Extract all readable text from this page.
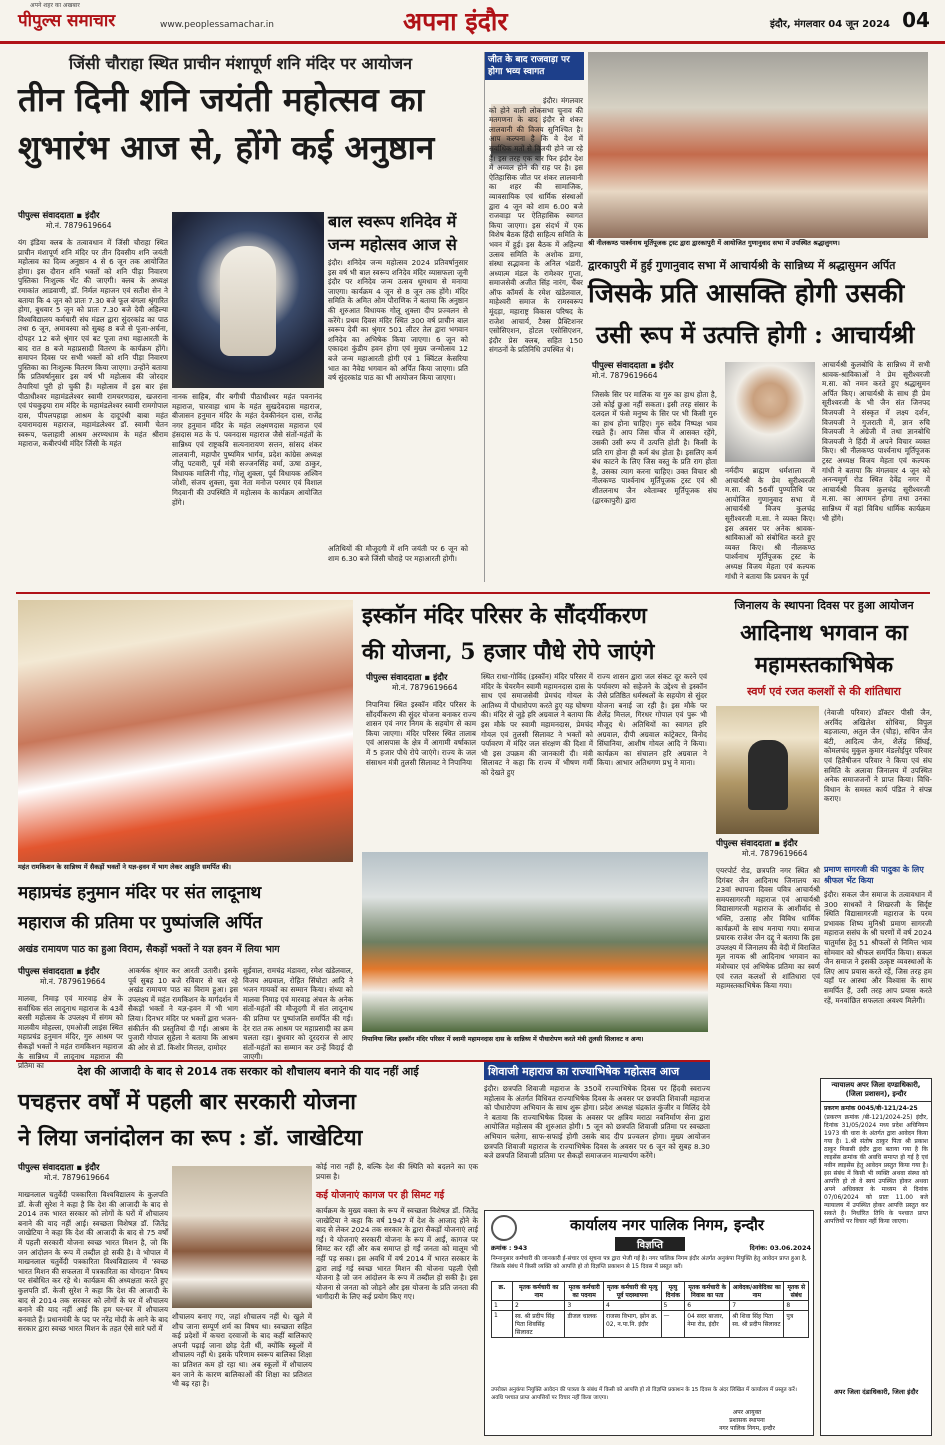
पीपुल्स समाचार
अपने शहर का अखबार
www.peoplessamachar.in	अपना इंदौर	इंदौर, मंगलवार 04 जून 2024 04
जिंसी चौराहा स्थित प्राचीन मंशापूर्ण शनि मंदिर पर आयोजन
तीन दिनी शनि जयंती महोत्सव का
शुभारंभ आज से, होंगे कई अनुष्ठान
पीपुल्स संवाददाता ▪ इंदौर
मो.नं. 7879619664
यंग इंडिया क्लब के तत्वावधान में जिंसी चौराहा स्थित प्राचीन मंशापूर्ण शनि मंदिर पर तीन दिवसीय शनि जयंती महोत्सव का दिव्य अनुष्ठान 4 से 6 जून तक आयोजित होगा। इस दौरान शनि भक्तों को शनि पीड़ा निवारण पुस्तिका निःशुल्क भेंट की जाएगी। क्लब के अध्यक्ष रमाकांत आडवाणी, डॉ. निर्मल महाजन एवं सतीश सेन ने बताया कि 4 जून को प्रातः 7.30 बजे फूल बंगला श्रृंगारित होगा, बुधवार 5 जून को प्रातः 7.30 बजे देवी अहिल्या विश्वविद्यालय कर्मचारी संघ मंडल द्वारा सुंदरकांड का पाठ तथा 6 जून, अमावस्या को सुबह 8 बजे से पूजा-अर्चना, दोपहर 12 बजे श्रृंगार एवं बट पूजा तथा महाआरती के बाद रात 8 बजे महाप्रसादी वितरण के कार्यक्रम होंगे। समापन दिवस पर सभी भक्तों को शनि पीड़ा निवारण पुस्तिका का निःशुल्क वितरण किया जाएगा। उन्होंने बताया कि प्रतिवर्षानुसार इस वर्ष भी महोत्सव की जोरदार तैयारियां पूरी हो चुकी हैं। महोत्सव में इस बार हंस पीठाधीश्वर महामंडलेश्वर स्वामी रामचरणदास, खजराना एवं पंचकुइया राम मंदिर के महामंडलेश्वर स्वामी रामगोपाल दास, पीपलपहाड़ा आश्रम के दादूपंथी बाबा महंत दयारामदास महाराज, महामंडलेश्वर डॉ. स्वामी चेतन स्वरूप, फलाहारी आश्रम अरण्यधाम के महंत श्रीराम महाराज, कबीरपंथी मंदिर जिंसी के महंत
बाल स्वरूप शनिदेव में
जन्म महोत्सव आज से
नानक साहिब, वीर बगीची पीठाधीश्वर महंत पवनानंद महाराज, चारवाहा धाम के महंत सुखदेवदास महाराज, बीजासन हनुमान मंदिर के महंत देवकीनंदन दास, राजेंद्र नगर हनुमान मंदिर के महंत लक्ष्मणदास महाराज एवं हंसदास मठ के पं. पवनदास महाराज जैसे संतों-महंतों के सान्निध्य एवं राष्ट्रकवि सत्यनारायण सत्तन, सांसद शंकर लालवानी, महापौर पुष्यमित्र भार्गव, प्रदेश कांग्रेस अध्यक्ष जीतू पटवारी, पूर्व मंत्री सज्जनसिंह वर्मा, ऊषा ठाकुर, विधायक मालिनी गौड़, गोलू शुक्ला, पूर्व विधायक अश्विन जोशी, संजय शुक्ला, युवा नेता मनोज परमार एवं विशाल गिदवानी की उपस्थिति में महोत्सव के कार्यक्रम आयोजित होंगे।
इंदौर। शनिदेव जन्म महोत्सव 2024 प्रतिवर्षानुसार इस वर्ष भी बाल स्वरूप शनिदेव मंदिर व्यासफला जूनी इंदौर पर शनिदेव जन्म उत्सव धूमधाम से मनाया जाएगा। कार्यक्रम 4 जून से 8 जून तक होंगे। मंदिर समिति के अमित ओम पौराणिक ने बताया कि अनुष्ठान की शुरुआत विधायक गोलू शुक्ला दीप प्रज्वलन से करेंगे। प्रथम दिवस मंदिर स्थित 300 वर्ष प्राचीन बाल स्वरूप देवी का श्रृंगार 501 लीटर तेल द्वारा भगवान शनिदेव का अभिषेक किया जाएगा। 6 जून को एकादश कुंडीय हवन होगा एवं मुख्य जन्मोत्सव 12 बजे जन्म महाआरती होगी एवं 1 क्विंटल केसरिया भात का नैवेद्य भगवान को अर्पित किया जाएगा। प्रति वर्ष सुंदरकांड पाठ का भी आयोजन किया जाएगा।
अतिथियों की मौजूदगी में शनि जयंती पर 6 जून को शाम 6.30 बजे जिंसी चौराहे पर महाआरती होगी।
जीत के बाद राजवाड़ा पर होगा भव्य स्वागत
इंदौर। मंगलवार को होने वाली लोकसभा चुनाव की मतगणना के बाद इंदौर से शंकर लालवानी की विजय सुनिश्चित है। आप कल्पना है कि वे देश में सर्वाधिक मतों से विजयी होने जा रहे हैं। इस तरह एक बार फिर इंदौर देश में अव्वल होने की राह पर है। इस ऐतिहासिक जीत पर शंकर लालवानी का शहर की सामाजिक, व्यावसायिक एवं धार्मिक संस्थाओं द्वारा 4 जून को शाम 6.00 बजे राजवाड़ा पर ऐतिहासिक स्वागत किया जाएगा। इस संदर्भ में एक विशेष बैठक हिंदी साहित्य समिति के भवन में हुई। इस बैठक में अहिल्या उत्सव समिति के अशोक डागा, संस्था सद्भावना के अनिल भंडारी, अध्यात्म मंडल के रामेश्वर गुप्ता, समाजसेवी अजीत सिंह नारंग, चैंबर ऑफ कॉमर्स के रमेश खंडेलवाल, माहेश्वरी समाज के रामस्वरूप मूंदड़ा, महाराष्ट्र विकास परिषद के राजेश आचार्य, टैक्स प्रैक्टिशनर एसोसिएशन, होटल एसोसिएशन, इंदौर प्रेस क्लब, सहित 150 संगठनों के प्रतिनिधि उपस्थित थे।
श्री नीलकण्ठ पार्श्वनाथ मूर्तिपूजक ट्रस्ट द्वारा द्वारकापुरी में आयोजित गुणानुवाद सभा में उपस्थित श्रद्धालुगण।
द्वारकापुरी में हुई गुणानुवाद सभा में आचार्यश्री के सान्निध्य में श्रद्धासुमन अर्पित
जिसके प्रति आसक्ति होगी उसकी
उसी रूप में उत्पत्ति होगी : आचार्यश्री
पीपुल्स संवाददाता ▪ इंदौर
मो.नं. 7879619664
जिसके सिर पर मालिक या गुरु का हाथ होता है, उसे कोई छुआ नहीं सकता। इसी तरह संसार के दलदल में फंसे मनुष्य के सिर पर भी किसी गुरु का हाथ होना चाहिए। गुरु सदैव निष्पक्ष भाव रखते हैं। आप जिस चीज में आसक्त रहेंगे, उसकी उसी रूप में उत्पत्ति होती है। किसी के प्रति राग होना ही कर्म बंध होता है। इसलिए कर्म बंध काटने के लिए जिस वस्तु के प्रति राग होता है, उसका त्याग करना चाहिए। उक्त विचार श्री नीलकण्ठ पार्श्वनाथ मूर्तिपूजक ट्रस्ट एवं श्री शीतलनाथ जैन श्वेताम्बर मूर्तिपूजक संघ (द्वारकापुरी) द्वारा
नर्मदीय ब्राह्मण धर्मशाला में आचार्यश्री के प्रेम सूरीश्वरजी म.सा. की 56वीं पुण्यतिथि पर आयोजित गुणानुवाद सभा में आचार्यश्री विजय कुलचंद्र सूरीश्वरजी म.सा. ने व्यक्त किए। इस अवसर पर अनेक श्रावक-श्राविकाओं को संबोधित करते हुए व्यक्त किए। श्री नीलकण्ठ पार्श्वनाथ मूर्तिपूजक ट्रस्ट के अध्यक्ष विजय मेहता एवं कल्पक गांधी ने बताया कि प्रवचन के पूर्व
आचार्यश्री कुलबोधि के सान्निध्य में सभी श्रावक-श्राविकाओं ने प्रेम सूरीश्वरजी म.सा. को नमन करते हुए श्रद्धासुमन अर्पित किए। आचार्यश्री के साथ ही प्रेम सूरीश्वरजी के भी जैन संत जिनपद विजयजी ने संस्कृत में लक्ष्य दर्शन, विजयजी ने गुजराती में, ज्ञान रुचि विजयजी ने अंग्रेजी में तथा ज्ञानबोधि विजयजी ने हिंदी में अपने विचार व्यक्त किए। श्री नीलकण्ठ पार्श्वनाथ मूर्तिपूजक ट्रस्ट अध्यक्ष विजय मेहता एवं कल्पक गांधी ने बताया कि मंगलवार 4 जून को अनन्यमूर्ण रोड स्थित देवेंद्र नगर में आचार्यश्री विजय कुलचंद्र सूरीश्वरजी म.सा. का आगमन होगा तथा उनका सान्निध्य में वहां विविध धार्मिक कार्यक्रम भी होंगे।
महंत रामकिशन के सान्निध्य में सैकड़ों भक्तों ने यज्ञ-हवन में भाग लेकर आहुति समर्पित की।
इस्कॉन मंदिर परिसर के सौंदर्यीकरण
की योजना, 5 हजार पौधे रोपे जाएंगे
पीपुल्स संवाददाता ▪ इंदौर
मो.नं. 7879619664
निपानिया स्थित इस्कॉन मंदिर परिसर के सौंदर्यीकरण की सुंदर योजना बनाकर राज्य शासन एवं नगर निगम के सहयोग से काम किया जाएगा। मंदिर परिसर स्थित तालाब एवं आसपास के क्षेत्र में आगामी वर्षाकाल में 5 हजार पौधे रोपे जाएंगे। राज्य के जल संसाधन मंत्री तुलसी सिलावट ने निपानिया
स्थित राधा-गोविंद (इस्कॉन) मंदिर परिसर में मंदिर के चेयरमैन स्वामी महामनदास दास के साथ एवं समाजसेवी प्रेमचंद गोयल के आतिथ्य में पौधारोपण करते हुए यह घोषणा की। मंदिर से जुड़े हरि अग्रवाल ने बताया कि इस मौके पर स्वामी महामनदास, प्रेमचंद गोयल एवं तुलसी सिलावट ने भक्तों को पर्यावरण में मंदिर जल संरक्षण की दिशा में भी इस उपक्रम की जानकारी दी। मंत्री सिलावट ने कहा कि राज्य में भीषण गर्मी को देखते हुए
राज्य शासन द्वारा जल संकट दूर करने एवं पर्यावरण को सहेजने के उद्देश्य से इस्कॉन जैसे प्रतिष्ठित धर्मस्थलों के सहयोग से सुंदर योजना बनाई जा रही है। इस मौके पर शैलेंद्र मित्तल, गिरधर गोपाल एवं पुरू भी मौजूद थे। अतिथियों का स्वागत हरि अग्रवाल, दीपी अग्रवाल कांट्रेक्टर, विनोद सिंघानिया, आशीष गोयल आदि ने किया। कार्यक्रम का संचालन हरि अग्रवाल ने किया। आभार अतिथगण प्रभु ने माना।
जिनालय के स्थापना दिवस पर हुआ आयोजन
आदिनाथ भगवान का
महामस्तकाभिषेक
स्वर्ण एवं रजत कलशों से की शांतिधारा
पीपुल्स संवाददाता ▪ इंदौर
मो.नं. 7879619664
(नेवाजी परिवार) डॉक्टर पीसी जैन, अरविंद अखिलेश सोधिया, विपुल बड़जात्या, अतुल जैन (चौड़), सचिन जैन बंटी, आदित्य जैन, शैलेंद्र सिंघई, कोमलचंद मुकुल कुमार मंडलोईपुर परिवार एवं हितैषीजन परिवार ने किया एवं संघ समिति के अलावा जिनालय में उपस्थित अनेक समाजजनों ने प्राप्त किया। विधि-विधान के समस्त कार्य पंडित ने संपन्न कराए।
प्रमाण सागरजी की पादुका के लिए श्रीफल भेंट किया
एयरपोर्ट रोड, छत्रपति नगर स्थित श्री दिगंबर जैन आदिनाथ जिनालय का 23वां स्थापना दिवस पवित्र आचार्यश्री समयसागरजी महाराज एवं आचार्यश्री विद्यासागरजी महाराज के आशीर्वाद से भक्ति, उत्साह और विविध धार्मिक कार्यक्रमों के साथ मनाया गया। समाज प्रचारक राजेश जैन दद्दू ने बताया कि इस उपलक्ष्य में जिनालय की वेदी में विराजित मूल नायक श्री आदिनाथ भगवान का मंत्रोच्चार एवं अभिषेक प्रतिमा का स्वर्ण एवं रजत कलशों से शांतिधारा एवं महामस्तकाभिषेक किया गया।
इंदौर। सकल जैन समाज के तत्वावधान में 300 साधकों ने शिखरजी के सिर्दृष्ट स्थिति विद्यासागरजी महाराज के परम प्रभावक शिष्य मुनिश्री प्रमाण सागरजी महाराज ससंघ के श्री चरणों में वर्ष 2024 चातुर्मास हेतु 51 श्रीफलों से निमित्त भाव सोमवार को श्रीफल समर्पित किया। सकल जैन समाज ने इसकी उत्कृष्ट व्यवस्थाओं के लिए आप प्रयास करते रहें, जिस तरह हम यहाँ पर आस्था और विश्वास के साथ समर्पित हैं, उसी तरह आप प्रयास करते रहें, मनवांछित सफलता अवश्य मिलेगी।
महाप्रचंड हनुमान मंदिर पर संत लादूनाथ
महाराज की प्रतिमा पर पुष्पांजलि अर्पित
अखंड रामायण पाठ का हुआ विराम, सैकड़ों भक्तों ने यज्ञ हवन में लिया भाग
पीपुल्स संवाददाता ▪ इंदौर
मो.नं. 7879619664
मालवा, निमाड़ एवं मारवाड़ क्षेत्र के सर्वाधिक संत लादूनाथ महाराज के 43वें बरसी महोत्सव के उपलक्ष्य में संगम को मालवीय मोहल्ला, एमओजी लाइंस स्थित महाप्रचंड हनुमान मंदिर, गुरु आश्रम पर सैकड़ों भक्तों ने महंत रामकिशन महाराज के सान्निध्य में लादूनाथ महाराज की प्रतिमा का
आकर्षक श्रृंगार कर आरती उतारी। इसके पूर्व सुबह 10 बजे रविवार से चल रहे अखंड रामायण पाठ का विराम हुआ। इस उपलक्ष्य में महंत रामकिशन के मार्गदर्शन में सैकड़ों भक्तों ने यज्ञ-हवन में भी भाग लिया। दिनभर मंदिर पर भक्तों द्वारा भजन-संकीर्तन की प्रस्तुतियां दी गईं। आश्रम के पुजारी गोपाल सुहेला ने बताया कि आश्रम की ओर से डॉ. किशोर मित्तल, दामोदर
सुईवाल, रामचंद्र मंडावरा, रमेश खंडेलवाल, विजय अग्रवाल, रोहित सिंघोटा आदि ने भजन गायकों का सम्मान किया। संध्या को मालवा निमाड़ एवं मारवाड़ अंचल के अनेक संतों-महंतों की मौजूदगी में संत लादूनाथ की प्रतिमा पर पुष्पांजलि समर्पित की गई। देर रात तक आश्रम पर महाप्रसादी का क्रम चलता रहा। बुधवार को दूरदराज से आए संतों-महंतों का सम्मान कर उन्हें विदाई दी जाएगी।
निपानिया स्थित इस्कॉन मंदिर परिसर में स्वामी महामनदास दास के सान्निध्य में पौधारोपण करते मंत्री तुलसी सिलावट व अन्य।
देश की आजादी के बाद से 2014 तक सरकार को शौचालय बनाने की याद नहीं आई
पचहत्तर वर्षों में पहली बार सरकारी योजना
ने लिया जनांदोलन का रूप : डॉ. जाखेटिया
पीपुल्स संवाददाता ▪ इंदौर
मो.नं. 7879619664
माखनलाल चतुर्वेदी पत्रकारिता विश्वविद्यालय के कुलपति डॉ. केजी सुरेश ने कहा है कि देश की आजादी के बाद से 2014 तक भारत सरकार को लोगों के घरों में शौचालय बनाने की याद नहीं आई। स्वच्छता विशेषज्ञ डॉ. जितेंद्र जाखेटिया ने कहा कि देश की आजादी के बाद से 75 वर्षों में पहली सरकारी योजना स्वच्छ भारत मिशन है, जो कि जन आंदोलन के रूप में तब्दील हो सकी है। वे भोपाल में माखनलाल चतुर्वेदी पत्रकारिता विश्वविद्यालय में 'स्वच्छ भारत मिशन की सफलता में पत्रकारिता का योगदान' विषय पर संबोधित कर रहे थे। कार्यक्रम की अध्यक्षता करते हुए कुलपति डॉ. केजी सुरेश ने कहा कि देश की आजादी के बाद से 2014 तक सरकार को लोगों के घर में शौचालय बनाने की याद नहीं आई कि हम घर-घर में शौचालय बनवाते हैं। प्रधानमंत्री के पद पर नरेंद्र मोदी के आने के बाद सरकार द्वारा स्वच्छ भारत मिशन के तहत ऐसे सारे घरों में
शौचालय बनाए गए, जहां शौचालय नहीं थे। खुले में शौच जाना सम्पूर्ण शर्म का विषय था। स्वच्छता सहित कई प्रदेशों में कचरा दरवाजों के बाद कहीं बालिकाएं अपनी पढ़ाई जाना छोड़ देती थीं, क्योंकि स्कूलों में शौचालय नहीं थे। इसके परिणाम स्वरूप बालिका शिक्षा का प्रतिशत कम हो रहा था। अब स्कूलों में शौचालय बन जाने के कारण बालिकाओं की शिक्षा का प्रतिशत भी बढ़ रहा है।
कोई नारा नहीं है, बल्कि देश की स्थिति को बदलने का एक प्रयास है।
कई योजनाएं कागज पर ही सिमट गई
कार्यक्रम के मुख्य वक्ता के रूप में स्वच्छता विशेषज्ञ डॉ. जितेंद्र जाखेटिया ने कहा कि वर्ष 1947 में देश के आजाद होने के बाद से लेकर 2024 तक सरकार के द्वारा सैकड़ों योजनाएं लाई गईं। ये योजनाएं सरकारी योजना के रूप में आईं, कागज पर सिमट कर रहीं और कब समाप्त हो गईं जनता को मालूम भी नहीं पड़ सका। इस अवधि में वर्ष 2014 में भारत सरकार के द्वारा लाई गई स्वच्छ भारत मिशन की योजना पहली ऐसी योजना है जो जन आंदोलन के रूप में तब्दील हो सकी है। इस योजना से जनता को जोड़ने और इस योजना के प्रति जनता की भागीदारी के लिए कई प्रयोग किए गए।
शिवाजी महाराज का राज्याभिषेक महोत्सव आज
इंदौर। छत्रपति शिवाजी महाराज के 350वें राज्याभिषेक दिवस पर हिंदवी स्वराज्य महोत्सव के अंतर्गत विधिवत राज्याभिषेक दिवस के अवसर पर छत्रपति शिवाजी महाराज को पौधारोपण अभियान के साथ शुरू होगा। प्रदेश अध्यक्ष चंद्रकांत कुंजीर व मिलिंद देवे ने बताया कि राज्याभिषेक दिवस के अवसर पर क्षत्रिय मराठा नवनिर्माण सेना द्वारा आयोजित महोत्सव की शुरुआत होगी। 5 जून को छत्रपति शिवाजी प्रतिमा पर स्वच्छता अभियान चलेगा, साफ-सफाई होगी उसके बाद दीप प्रज्वलन होगा। मुख्य आयोजन छत्रपति शिवाजी महाराज के राज्याभिषेक दिवस के अवसर पर 6 जून को सुबह 8.30 बजे छत्रपति शिवाजी प्रतिमा पर सैकड़ों समाजजन माल्यार्पण करेंगे।
कार्यालय नगर पालिक निगम, इन्दौर
विज्ञप्ति
क्रमांक : 943	दिनांक: 03.06.2024
निम्नानुसार कर्मचारी की जानकारी ई-संचार एवं सूचना पत्र द्वारा भेजी गई है। नगर पालिक निगम इंदौर अंतर्गत अनुकंपा नियुक्ति हेतु आवेदन प्राप्त हुआ है, जिसके संबंध में किसी व्यक्ति को आपत्ति हो तो विज्ञप्ति प्रकाशन से 15 दिवस में प्रस्तुत करें।
क्र.	मृतक कर्मचारी का नाम	मृतक कर्मचारी का पदनाम	मृतक कर्मचारी की मृत्यु पूर्व पदस्थापना	मृत्यु दिनांक	मृतक कर्मचारी के निवास का पता	आवेदक/आवेदिका का नाम	मृतक से संबंध
1	2	3	4	5	6	7	8
1	स्व. श्री प्रदीप सिंह पिता शिवसिंह सिलावट	डीजल चालक	राजस्व विभाग, झोन क्र. 02, न.पा.नि. इंदौर	—	04 सदर बाजार, नेमा रोड, इंदौर	श्री शिवा सिंह पिता स्व. श्री प्रदीप सिलावट	पुत्र
उपरोक्त अनुकंपा नियुक्ति आवेदन की पात्रता के संबंध में किसी को आपत्ति हो तो विज्ञप्ति प्रकाशन के 15 दिवस के अंदर लिखित में कार्यालय में प्रस्तुत करें। अवधि पश्चात प्राप्त आपत्तियों पर विचार नहीं किया जाएगा।
अपर आयुक्त
प्रशासक स्थापना
नगर पालिक निगम, इन्दौर
न्यायालय अपर जिला दण्डाधिकारी, (जिला प्रशासन), इन्दौर
प्रकरण क्रमांक 0045/बी-121/24-25
(प्रकरण क्रमांक /बी-121/2024-25) इंदौर, दिनांक 31/05/2024 मध्य प्रदेश अधिनियम 1973 की धारा के अंतर्गत द्वारा आवेदन किया गया है। 1.श्री संतोष ठाकुर पिता श्री प्रकाश ठाकुर निवासी इंदौर द्वारा बताया गया है कि लाइसेंस क्रमांक की अवधि समाप्त हो गई है एवं नवीन लाइसेंस हेतु आवेदन प्रस्तुत किया गया है। इस संबंध में किसी भी व्यक्ति अथवा संस्था को आपत्ति हो तो वे स्वयं उपस्थित होकर अथवा अपने अधिवक्ता के माध्यम से दिनांक 07/06/2024 को प्रातः 11.00 बजे न्यायालय में उपस्थित होकर आपत्ति प्रस्तुत कर सकते हैं। निर्धारित तिथि के पश्चात प्राप्त आपत्तियों पर विचार नहीं किया जाएगा।
अपर जिला दंडाधिकारी, जिला इंदौर
